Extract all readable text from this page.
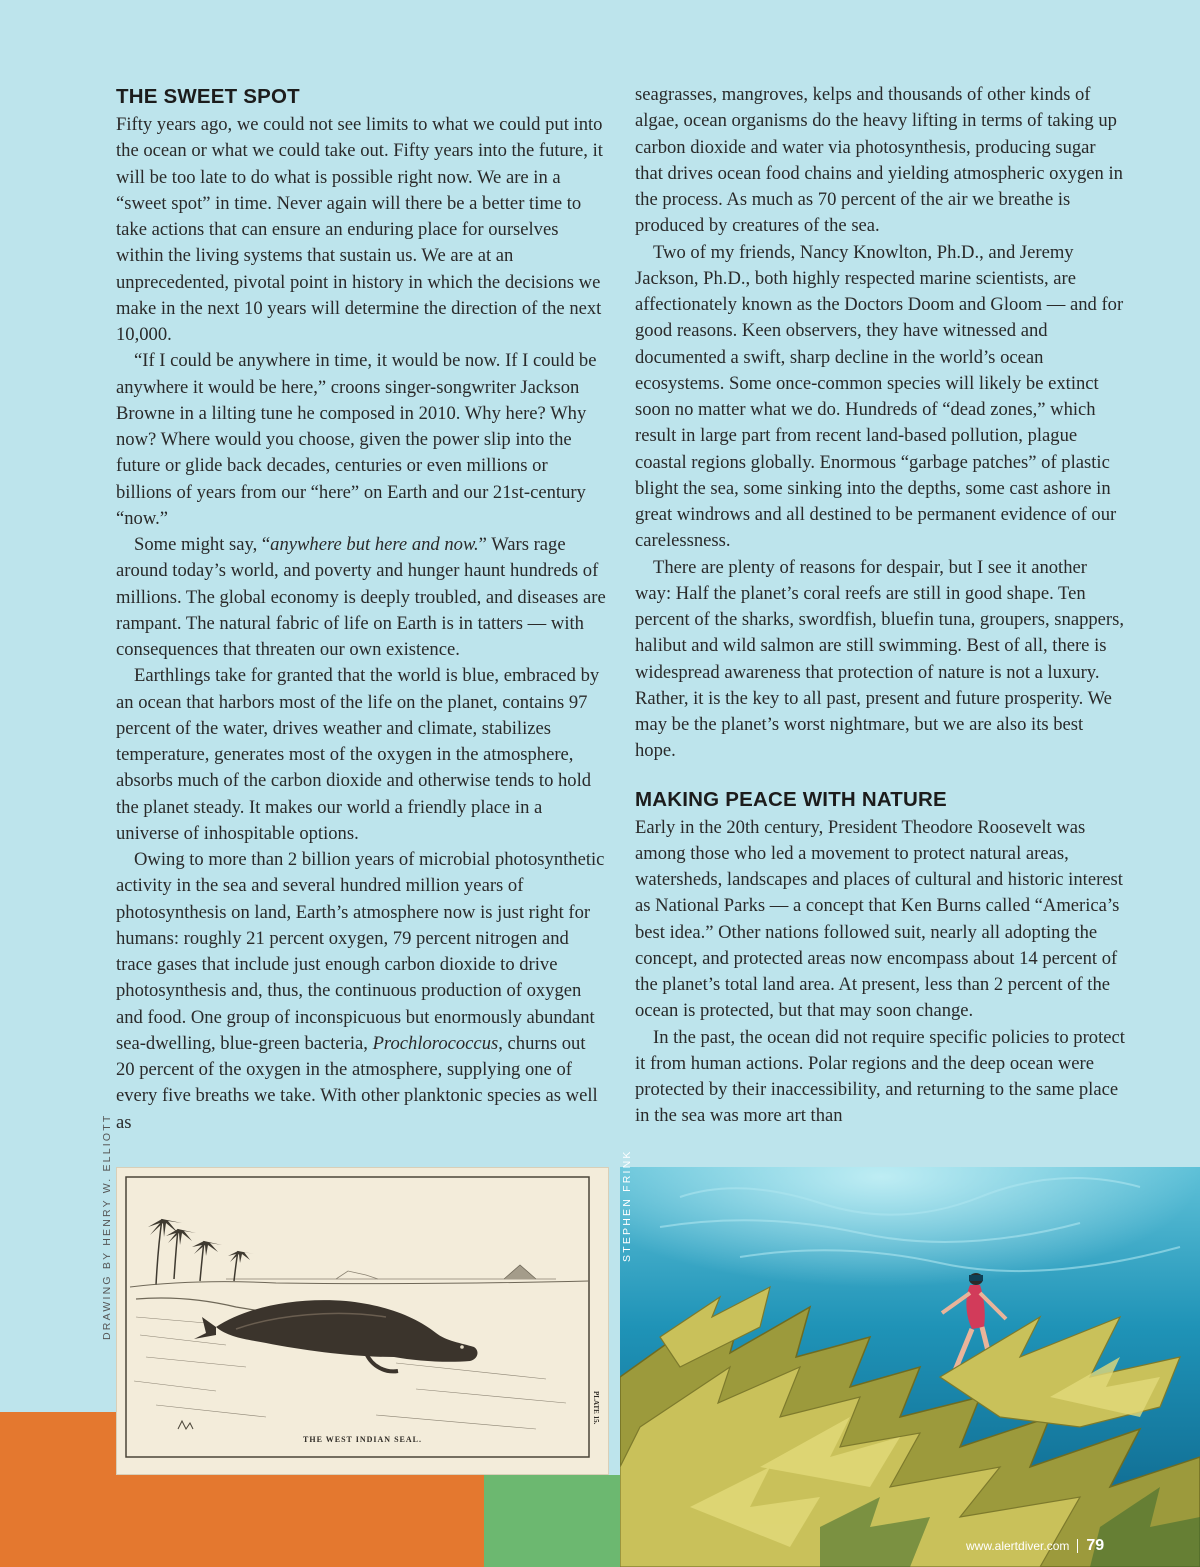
THE SWEET SPOT

Fifty years ago, we could not see limits to what we could put into the ocean or what we could take out. Fifty years into the future, it will be too late to do what is possible right now. We are in a “sweet spot” in time. Never again will there be a better time to take actions that can ensure an enduring place for ourselves within the living systems that sustain us. We are at an unprecedented, pivotal point in history in which the decisions we make in the next 10 years will determine the direction of the next 10,000.

“If I could be anywhere in time, it would be now. If I could be anywhere it would be here,” croons singer-songwriter Jackson Browne in a lilting tune he composed in 2010. Why here? Why now? Where would you choose, given the power slip into the future or glide back decades, centuries or even millions or billions of years from our “here” on Earth and our 21st-century “now.”

Some might say, “anywhere but here and now.” Wars rage around today’s world, and poverty and hunger haunt hundreds of millions. The global economy is deeply troubled, and diseases are rampant. The natural fabric of life on Earth is in tatters — with consequences that threaten our own existence.

Earthlings take for granted that the world is blue, embraced by an ocean that harbors most of the life on the planet, contains 97 percent of the water, drives weather and climate, stabilizes temperature, generates most of the oxygen in the atmosphere, absorbs much of the carbon dioxide and otherwise tends to hold the planet steady. It makes our world a friendly place in a universe of inhospitable options.

Owing to more than 2 billion years of microbial photosynthetic activity in the sea and several hundred million years of photosynthesis on land, Earth’s atmosphere now is just right for humans: roughly 21 percent oxygen, 79 percent nitrogen and trace gases that include just enough carbon dioxide to drive photosynthesis and, thus, the continuous production of oxygen and food. One group of inconspicuous but enormously abundant sea-dwelling, blue-green bacteria, Prochlorococcus, churns out 20 percent of the oxygen in the atmosphere, supplying one of every five breaths we take. With other planktonic species as well as

seagrasses, mangroves, kelps and thousands of other kinds of algae, ocean organisms do the heavy lifting in terms of taking up carbon dioxide and water via photosynthesis, producing sugar that drives ocean food chains and yielding atmospheric oxygen in the process. As much as 70 percent of the air we breathe is produced by creatures of the sea.

Two of my friends, Nancy Knowlton, Ph.D., and Jeremy Jackson, Ph.D., both highly respected marine scientists, are affectionately known as the Doctors Doom and Gloom — and for good reasons. Keen observers, they have witnessed and documented a swift, sharp decline in the world’s ocean ecosystems. Some once-common species will likely be extinct soon no matter what we do. Hundreds of “dead zones,” which result in large part from recent land-based pollution, plague coastal regions globally. Enormous “garbage patches” of plastic blight the sea, some sinking into the depths, some cast ashore in great windrows and all destined to be permanent evidence of our carelessness.

There are plenty of reasons for despair, but I see it another way: Half the planet’s coral reefs are still in good shape. Ten percent of the sharks, swordfish, bluefin tuna, groupers, snappers, halibut and wild salmon are still swimming. Best of all, there is widespread awareness that protection of nature is not a luxury. Rather, it is the key to all past, present and future prosperity. We may be the planet’s worst nightmare, but we are also its best hope.

MAKING PEACE WITH NATURE

Early in the 20th century, President Theodore Roosevelt was among those who led a movement to protect natural areas, watersheds, landscapes and places of cultural and historic interest as National Parks — a concept that Ken Burns called “America’s best idea.” Other nations followed suit, nearly all adopting the concept, and protected areas now encompass about 14 percent of the planet’s total land area. At present, less than 2 percent of the ocean is protected, but that may soon change.

In the past, the ocean did not require specific policies to protect it from human actions. Polar regions and the deep ocean were protected by their inaccessibility, and returning to the same place in the sea was more art than

DRAWING BY HENRY W. ELLIOTT
THE WEST INDIAN SEAL.
PLATE 15.
STEPHEN FRINK
www.alertdiver.com 79
